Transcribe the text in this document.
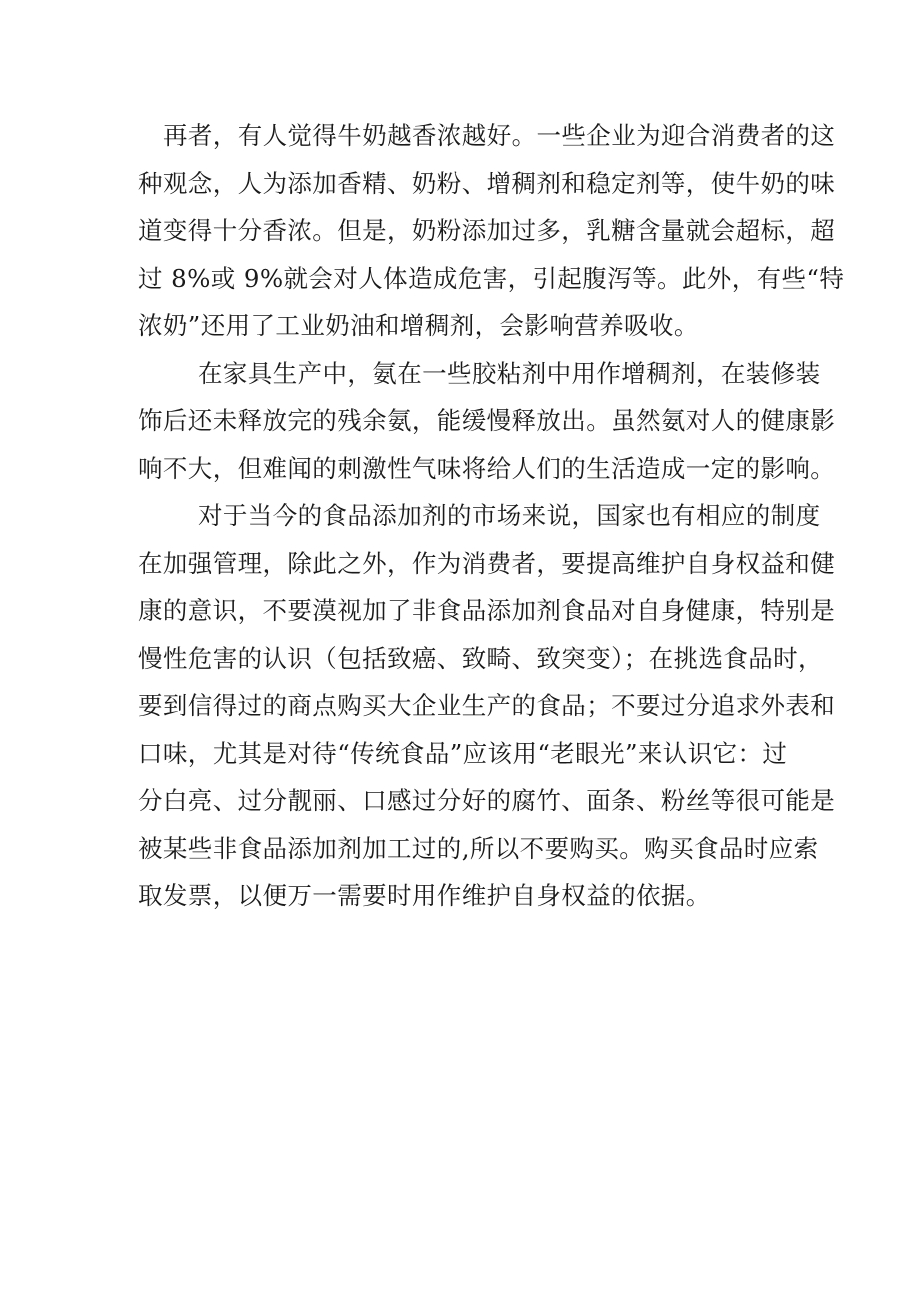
再者，有人觉得牛奶越香浓越好。一些企业为迎合消费者的这
种观念，人为添加香精、奶粉、增稠剂和稳定剂等，使牛奶的味
道变得十分香浓。但是，奶粉添加过多，乳糖含量就会超标，超
过 8%或 9%就会对人体造成危害，引起腹泻等。此外，有些“特
浓奶”还用了工业奶油和增稠剂，会影响营养吸收。
在家具生产中，氨在一些胶粘剂中用作增稠剂，在装修装
饰后还未释放完的残余氨，能缓慢释放出。虽然氨对人的健康影
响不大，但难闻的刺激性气味将给人们的生活造成一定的影响。
对于当今的食品添加剂的市场来说，国家也有相应的制度
在加强管理，除此之外，作为消费者，要提高维护自身权益和健
康的意识，不要漠视加了非食品添加剂食品对自身健康，特别是
慢性危害的认识（包括致癌、致畸、致突变）；在挑选食品时，
要到信得过的商点购买大企业生产的食品；不要过分追求外表和
口味，尤其是对待“传统食品”应该用“老眼光”来认识它：过
分白亮、过分靓丽、口感过分好的腐竹、面条、粉丝等很可能是
被某些非食品添加剂加工过的,所以不要购买。购买食品时应索
取发票，以便万一需要时用作维护自身权益的依据。
